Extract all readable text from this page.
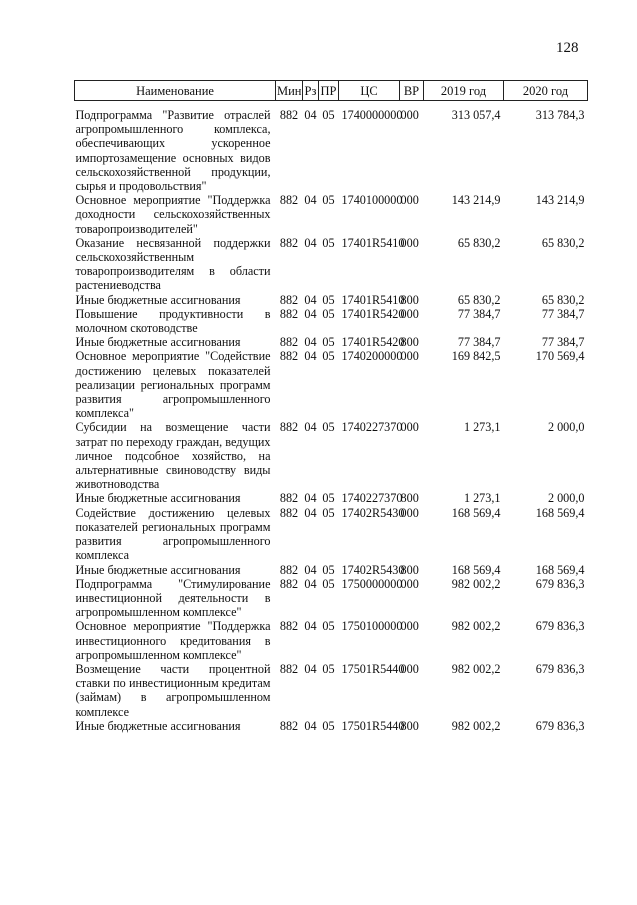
128
Наименование	Мин	Рз	ПР	ЦС	ВР	2019 год	2020 год
Подпрограмма "Развитие отраслей агропромышленного комплекса, обеспечивающих ускоренное импортозамещение основных видов сельскохозяйственной продукции, сырья и продовольствия"	882	04	05	1740000000	000	313 057,4	313 784,3
Основное мероприятие "Поддержка доходности сельскохозяйственных товаропроизводителей"	882	04	05	1740100000	000	143 214,9	143 214,9
Оказание несвязанной поддержки сельскохозяйственным товаропроизводителям в области растениеводства	882	04	05	17401R5410	000	65 830,2	65 830,2
Иные бюджетные ассигнования	882	04	05	17401R5410	800	65 830,2	65 830,2
Повышение продуктивности в молочном скотоводстве	882	04	05	17401R5420	000	77 384,7	77 384,7
Иные бюджетные ассигнования	882	04	05	17401R5420	800	77 384,7	77 384,7
Основное мероприятие "Содействие достижению целевых показателей реализации региональных программ развития агропромышленного комплекса"	882	04	05	1740200000	000	169 842,5	170 569,4
Субсидии на возмещение части затрат по переходу граждан, ведущих личное подсобное хозяйство, на альтернативные свиноводству виды животноводства	882	04	05	1740227370	000	1 273,1	2 000,0
Иные бюджетные ассигнования	882	04	05	1740227370	800	1 273,1	2 000,0
Содействие достижению целевых показателей региональных программ развития агропромышленного комплекса	882	04	05	17402R5430	000	168 569,4	168 569,4
Иные бюджетные ассигнования	882	04	05	17402R5430	800	168 569,4	168 569,4
Подпрограмма "Стимулирование инвестиционной деятельности в агропромышленном комплексе"	882	04	05	1750000000	000	982 002,2	679 836,3
Основное мероприятие "Поддержка инвестиционного кредитования в агропромышленном комплексе"	882	04	05	1750100000	000	982 002,2	679 836,3
Возмещение части процентной ставки по инвестиционным кредитам (займам) в агропромышленном комплексе	882	04	05	17501R5440	000	982 002,2	679 836,3
Иные бюджетные ассигнования	882	04	05	17501R5440	800	982 002,2	679 836,3
